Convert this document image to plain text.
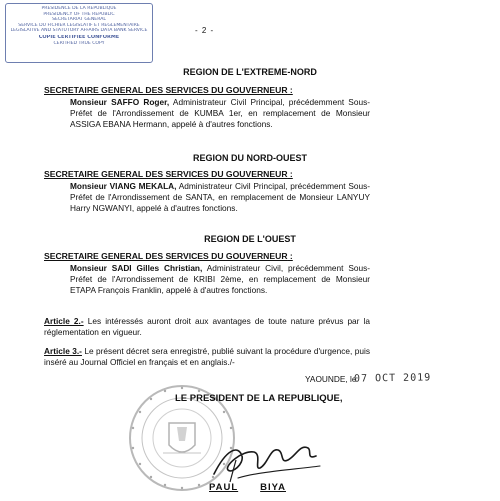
PRESIDENCE DE LA REPUBLIQUE
PRESIDENCY OF THE REPUBLIC
SECRETARIAT GENERAL
SERVICE DU FICHIER LEGISLATIF ET REGLEMENTAIRE
LEGISLATIVE AND STATUTORY AFFAIRS DATA BANK SERVICE
COPIE CERTIFIEE CONFORME
CERTIFIED TRUE COPY
- 2 -
REGION DE L'EXTREME-NORD
SECRETAIRE GENERAL DES SERVICES DU GOUVERNEUR :
Monsieur SAFFO Roger, Administrateur Civil Principal, précédemment Sous-Préfet de l'Arrondissement de KUMBA 1er, en remplacement de Monsieur ASSIGA EBANA Hermann, appelé à d'autres fonctions.
REGION DU NORD-OUEST
SECRETAIRE GENERAL DES SERVICES DU GOUVERNEUR :
Monsieur VIANG MEKALA, Administrateur Civil Principal, précédemment Sous-Préfet de l'Arrondissement de SANTA, en remplacement de Monsieur LANYUY Harry NGWANYI, appelé à d'autres fonctions.
REGION DE L'OUEST
SECRETAIRE GENERAL DES SERVICES DU GOUVERNEUR :
Monsieur SADI Gilles Christian, Administrateur Civil, précédemment Sous-Préfet de l'Arrondissement de KRIBI 2ème, en remplacement de Monsieur ETAPA François Franklin, appelé à d'autres fonctions.
Article 2.- Les intéressés auront droit aux avantages de toute nature prévus par la réglementation en vigueur.
Article 3.- Le présent décret sera enregistré, publié suivant la procédure d'urgence, puis inséré au Journal Officiel en français et en anglais./-
YAOUNDE, le
07 OCT 2019
LE PRESIDENT DE LA REPUBLIQUE,
PAUL BIYA
